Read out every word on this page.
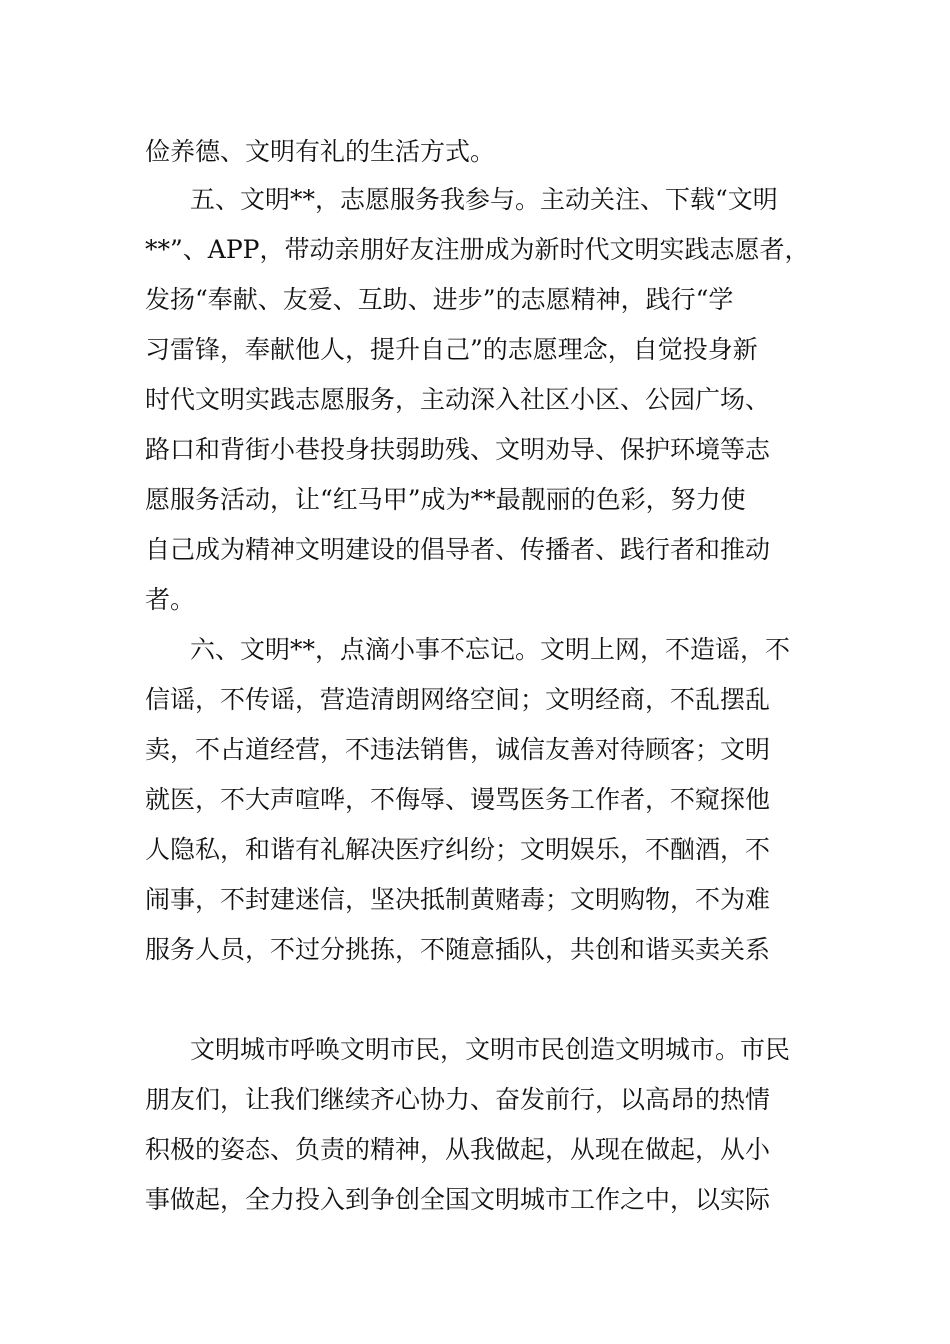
俭养德、文明有礼的生活方式。
五、文明**，志愿服务我参与。主动关注、下载“文明
**”、APP，带动亲朋好友注册成为新时代文明实践志愿者，
发扬“奉献、友爱、互助、进步”的志愿精神，践行“学
习雷锋，奉献他人，提升自己”的志愿理念，自觉投身新
时代文明实践志愿服务，主动深入社区小区、公园广场、
路口和背街小巷投身扶弱助残、文明劝导、保护环境等志
愿服务活动，让“红马甲”成为**最靓丽的色彩，努力使
自己成为精神文明建设的倡导者、传播者、践行者和推动
者。
六、文明**，点滴小事不忘记。文明上网，不造谣，不
信谣，不传谣，营造清朗网络空间；文明经商，不乱摆乱
卖，不占道经营，不违法销售，诚信友善对待顾客；文明
就医，不大声喧哗，不侮辱、谩骂医务工作者，不窥探他
人隐私，和谐有礼解决医疗纠纷；文明娱乐，不酗酒，不
闹事，不封建迷信，坚决抵制黄赌毒；文明购物，不为难
服务人员，不过分挑拣，不随意插队，共创和谐买卖关系
文明城市呼唤文明市民，文明市民创造文明城市。市民
朋友们，让我们继续齐心协力、奋发前行，以高昂的热情
积极的姿态、负责的精神，从我做起，从现在做起，从小
事做起，全力投入到争创全国文明城市工作之中，以实际
